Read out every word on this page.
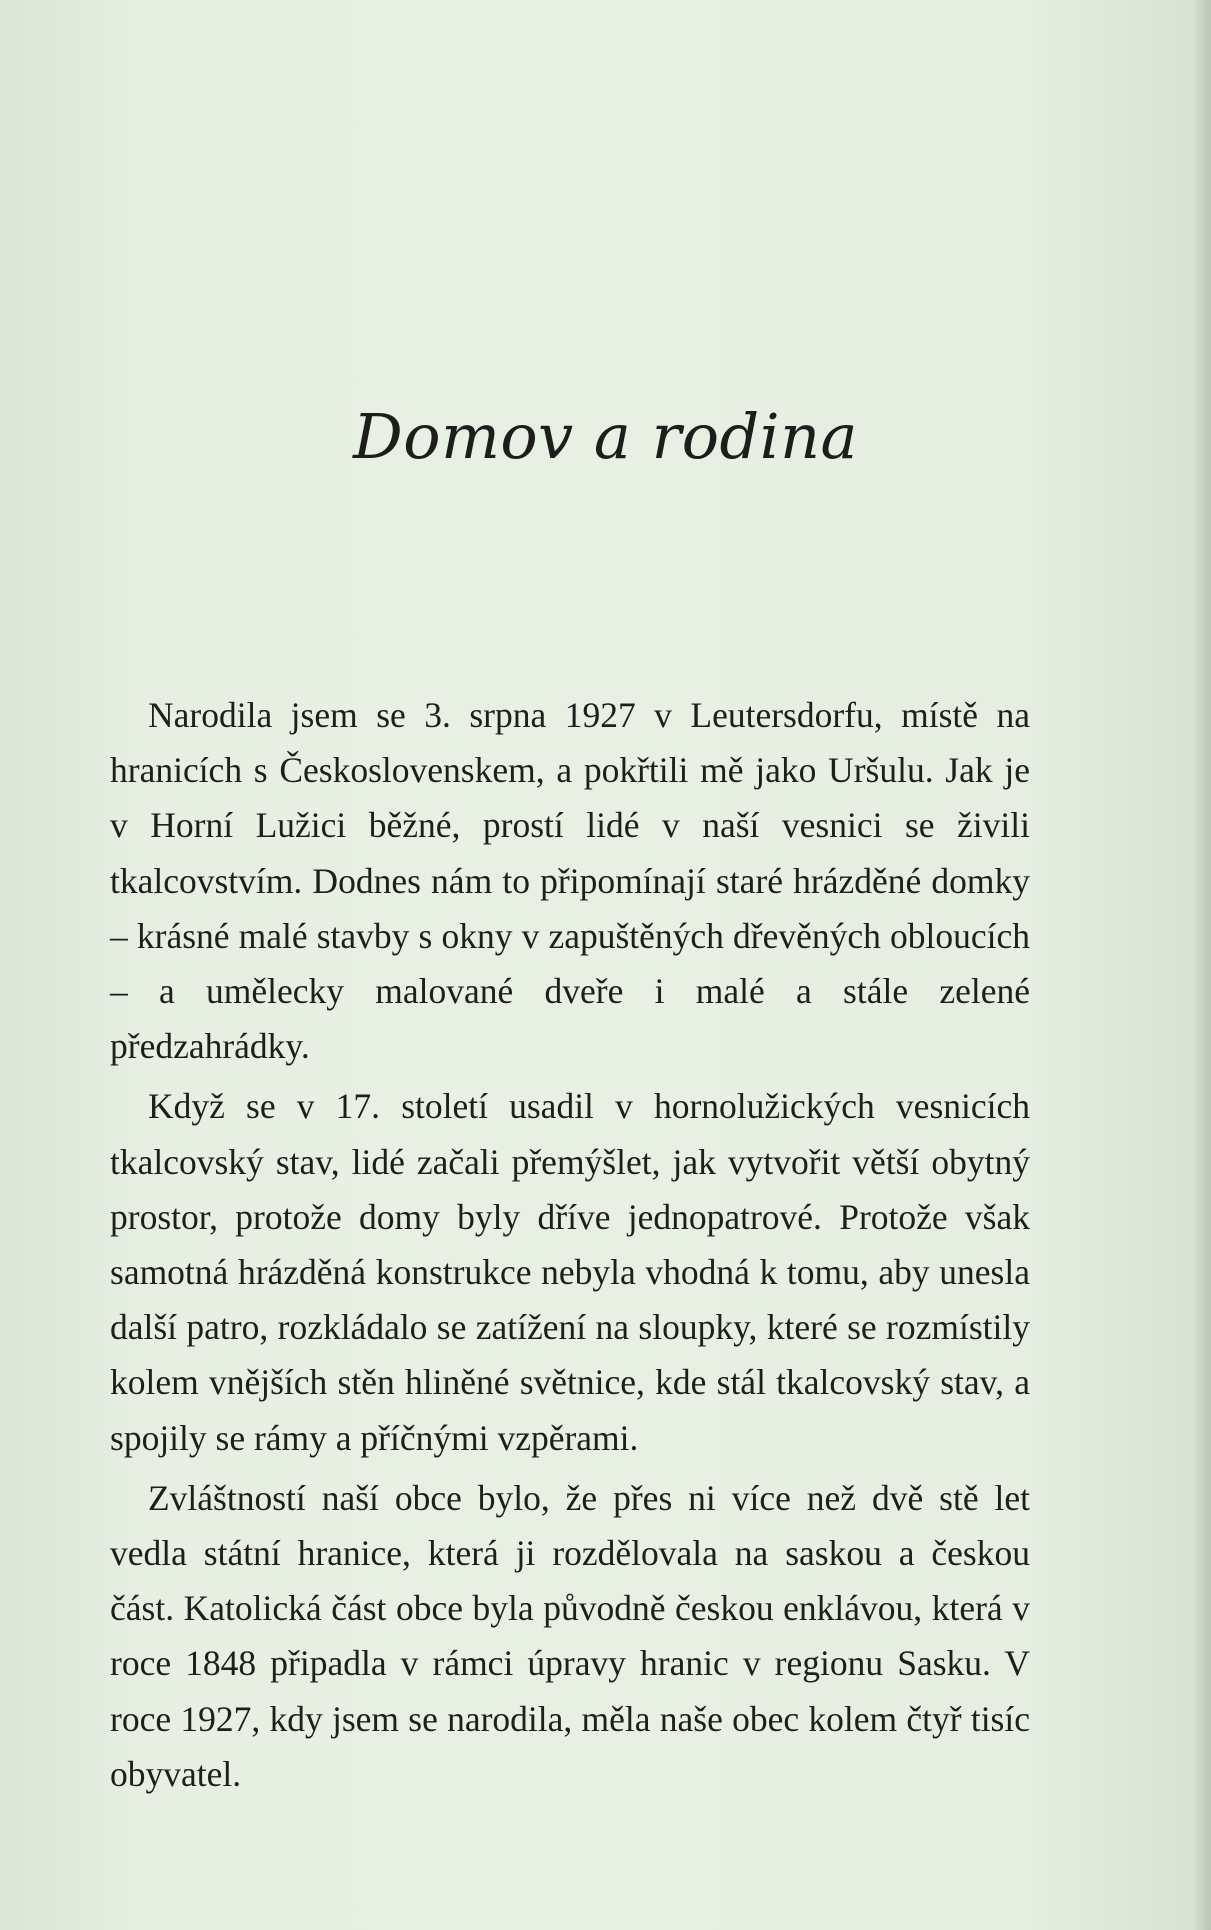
Domov a rodina

Narodila jsem se 3. srpna 1927 v Leutersdorfu, místě na hranicích s Československem, a pokřtili mě jako Uršulu. Jak je v Horní Lužici běžné, prostí lidé v naší vesnici se živili tkalcovstvím. Dodnes nám to připomínají staré hrázděné domky – krásné malé stavby s okny v zapuštěných dřevěných obloucích – a umělecky malované dveře i malé a stále zelené předzahrádky.

Když se v 17. století usadil v hornolužických vesnicích tkalcovský stav, lidé začali přemýšlet, jak vytvořit větší obytný prostor, protože domy byly dříve jednopatrové. Protože však samotná hrázděná konstrukce nebyla vhodná k tomu, aby unesla další patro, rozkládalo se zatížení na sloupky, které se rozmístily kolem vnějších stěn hliněné světnice, kde stál tkalcovský stav, a spojily se rámy a příčnými vzpěrami.

Zvláštností naší obce bylo, že přes ni více než dvě stě let vedla státní hranice, která ji rozdělovala na saskou a českou část. Katolická část obce byla původně českou enklávou, která v roce 1848 připadla v rámci úpravy hranic v regionu Sasku. V roce 1927, kdy jsem se narodila, měla naše obec kolem čtyř tisíc obyvatel.
